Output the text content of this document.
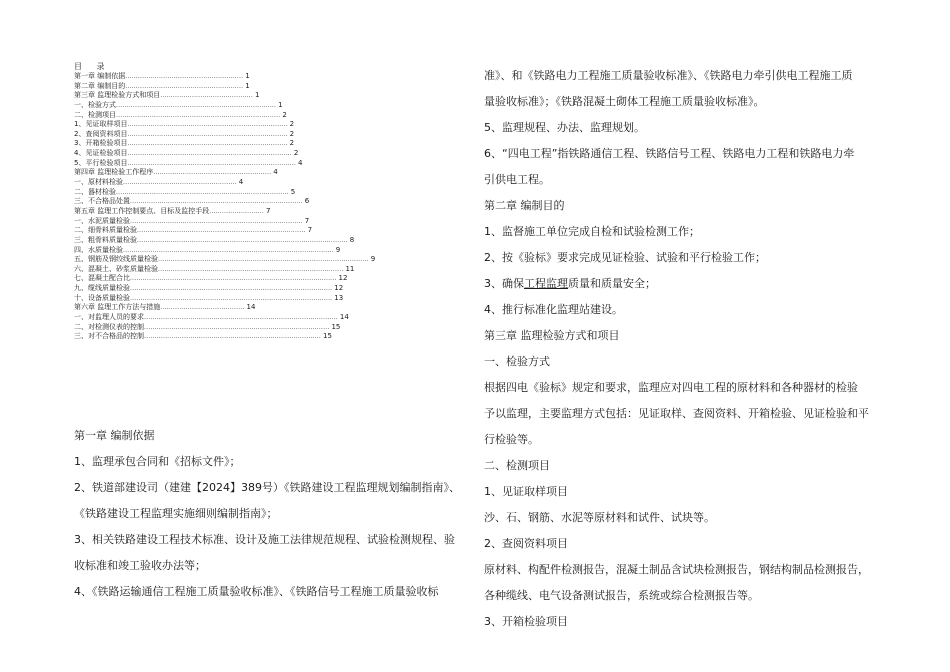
目 录
第一章 编制依据 ........................................................ 1
第二章 编制目的 ........................................................ 1
第三章 监理检验方式和项目 ............................................ 1
一、检验方式 ............................................................................ 1
二、检测项目 .............................................................................. 2
1、见证取样项目 ............................................................................ 2
2、查阅资料项目 ............................................................................ 2
3、开箱检验项目 ............................................................................ 2
4、见证检验项目 .............................................................................. 2
5、平行检验项目 ................................................................................ 4
第四章 监理检验工作程序 ........................................................ 4
一、原材料检验 ...................................................... 4
二、器材检验 .................................................................................. 5
三、不合格品处置 .................................................................................. 6
第五章 监理工作控制要点、目标及监控手段 .......................... 7
一、水泥质量检验 .................................................................................. 7
二、细骨料质量检验 ................................................................................ 7
三、粗骨料质量检验 .................................................................................................... 8
四、水质量检验 .................................................................................................... 9
五、钢筋及钢绞线质量检验 .................................................................................................... 9
六、混凝土、砂浆质量检验 ........................................................................................ 11
七、混凝土配合比 .................................................................................................. 12
九、缆线质量检验 ................................................................................................ 12
十、设备质量检验 ................................................................................................ 13
第六章 监理工作方法与措施 ........................................ 14
一、对监理人员的要求 ............................................................................................ 14
二、对检测仪表的控制 ........................................................................................ 15
三、对不合格品的控制 .................................................................................... 15

第一章 编制依据

1、监理承包合同和《招标文件》；

2、铁道部建设司（建建【2024】389号）《铁路建设工程监理规划编制指南》、

《铁路建设工程监理实施细则编制指南》；

3、相关铁路建设工程技术标准、设计及施工法律规范规程、试验检测规程、验

收标准和竣工验收办法等；

4、《铁路运输通信工程施工质量验收标准》、《铁路信号工程施工质量验收标

准》、和《铁路电力工程施工质量验收标准》、《铁路电力牵引供电工程施工质

量验收标准》；《铁路混凝土砌体工程施工质量验收标准》。

5、监理规程、办法、监理规划。

6、“四电工程”指铁路通信工程、铁路信号工程、铁路电力工程和铁路电力牵

引供电工程。

第二章 编制目的

1、监督施工单位完成自检和试验检测工作；

2、按《验标》要求完成见证检验、试验和平行检验工作；

3、确保工程监理质量和质量安全；

4、推行标准化监理站建设。

第三章 监理检验方式和项目

一、检验方式

根据四电《验标》规定和要求，监理应对四电工程的原材料和各种器材的检验

予以监理，主要监理方式包括：见证取样、查阅资料、开箱检验、见证检验和平

行检验等。

二、检测项目

1、见证取样项目

沙、石、钢筋、水泥等原材料和试件、试块等。

2、查阅资料项目

原材料、构配件检测报告，混凝土制品含试块检测报告，钢结构制品检测报告，

各种缆线、电气设备测试报告，系统或综合检测报告等。

3、开箱检验项目
